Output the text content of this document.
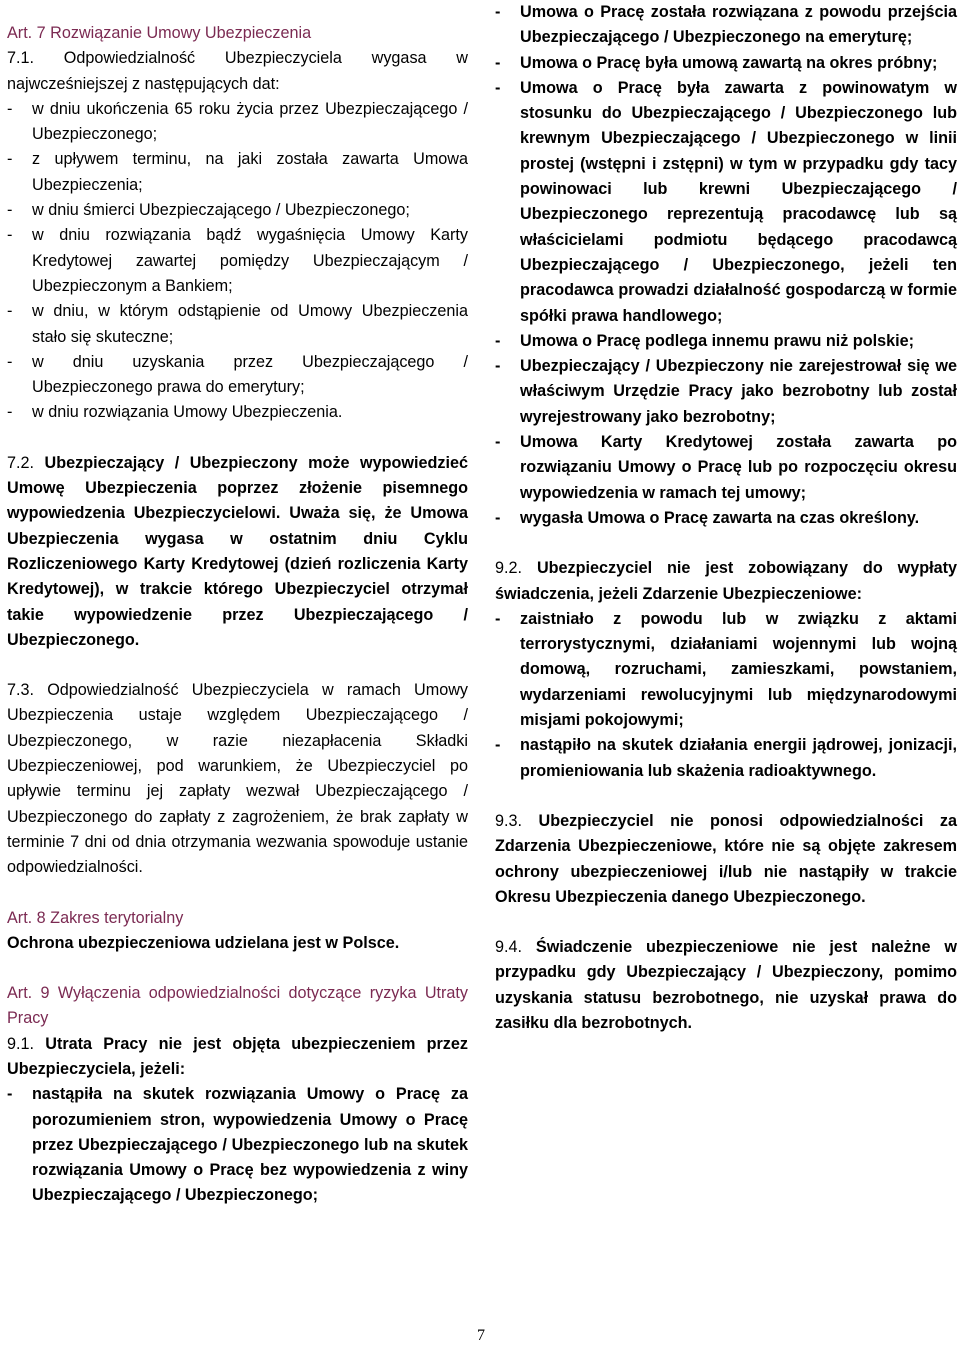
Art. 7 Rozwiązanie Umowy Ubezpieczenia

7.1. Odpowiedzialność Ubezpieczyciela wygasa w najwcześniejszej z następujących dat:

- w dniu ukończenia 65 roku życia przez Ubezpieczającego / Ubezpieczonego;
- z upływem terminu, na jaki została zawarta Umowa Ubezpieczenia;
- w dniu śmierci Ubezpieczającego / Ubezpieczonego;
- w dniu rozwiązania bądź wygaśnięcia Umowy Karty Kredytowej zawartej pomiędzy Ubezpieczającym / Ubezpieczonym a Bankiem;
- w dniu, w którym odstąpienie od Umowy Ubezpieczenia stało się skuteczne;
- w dniu uzyskania przez Ubezpieczającego / Ubezpieczonego prawa do emerytury;
- w dniu rozwiązania Umowy Ubezpieczenia.

7.2. Ubezpieczający / Ubezpieczony może wypowiedzieć Umowę Ubezpieczenia poprzez złożenie pisemnego wypowiedzenia Ubezpieczycielowi. Uważa się, że Umowa Ubezpieczenia wygasa w ostatnim dniu Cyklu Rozliczeniowego Karty Kredytowej (dzień rozliczenia Karty Kredytowej), w trakcie którego Ubezpieczyciel otrzymał takie wypowiedzenie przez Ubezpieczającego / Ubezpieczonego.

7.3. Odpowiedzialność Ubezpieczyciela w ramach Umowy Ubezpieczenia ustaje względem Ubezpieczającego / Ubezpieczonego, w razie niezapłacenia Składki Ubezpieczeniowej, pod warunkiem, że Ubezpieczyciel po upływie terminu jej zapłaty wezwał Ubezpieczającego / Ubezpieczonego do zapłaty z zagrożeniem, że brak zapłaty w terminie 7 dni od dnia otrzymania wezwania spowoduje ustanie odpowiedzialności.

Art. 8 Zakres terytorialny

Ochrona ubezpieczeniowa udzielana jest w Polsce.

Art. 9 Wyłączenia odpowiedzialności dotyczące ryzyka Utraty Pracy

9.1. Utrata Pracy nie jest objęta ubezpieczeniem przez Ubezpieczyciela, jeżeli:

- nastąpiła na skutek rozwiązania Umowy o Pracę za porozumieniem stron, wypowiedzenia Umowy o Pracę przez Ubezpieczającego / Ubezpieczonego lub na skutek rozwiązania Umowy o Pracę bez wypowiedzenia z winy Ubezpieczającego / Ubezpieczonego;
- Umowa o Pracę została rozwiązana z powodu przejścia Ubezpieczającego / Ubezpieczonego na emeryturę;
- Umowa o Pracę była umową zawartą na okres próbny;
- Umowa o Pracę była zawarta z powinowatym w stosunku do Ubezpieczającego / Ubezpieczonego lub krewnym Ubezpieczającego / Ubezpieczonego w linii prostej (wstępni i zstępni) w tym w przypadku gdy tacy powinowaci lub krewni Ubezpieczającego / Ubezpieczonego reprezentują pracodawcę lub są właścicielami podmiotu będącego pracodawcą Ubezpieczającego / Ubezpieczonego, jeżeli ten pracodawca prowadzi działalność gospodarczą w formie spółki prawa handlowego;
- Umowa o Pracę podlega innemu prawu niż polskie;
- Ubezpieczający / Ubezpieczony nie zarejestrował się we właściwym Urzędzie Pracy jako bezrobotny lub został wyrejestrowany jako bezrobotny;
- Umowa Karty Kredytowej została zawarta po rozwiązaniu Umowy o Pracę lub po rozpoczęciu okresu wypowiedzenia w ramach tej umowy;
- wygasła Umowa o Pracę zawarta na czas określony.

9.2. Ubezpieczyciel nie jest zobowiązany do wypłaty świadczenia, jeżeli Zdarzenie Ubezpieczeniowe:

- zaistniało z powodu lub w związku z aktami terrorystycznymi, działaniami wojennymi lub wojną domową, rozruchami, zamieszkami, powstaniem, wydarzeniami rewolucyjnymi lub międzynarodowymi misjami pokojowymi;
- nastąpiło na skutek działania energii jądrowej, jonizacji, promieniowania lub skażenia radioaktywnego.

9.3. Ubezpieczyciel nie ponosi odpowiedzialności za Zdarzenia Ubezpieczeniowe, które nie są objęte zakresem ochrony ubezpieczeniowej i/lub nie nastąpiły w trakcie Okresu Ubezpieczenia danego Ubezpieczonego.

9.4. Świadczenie ubezpieczeniowe nie jest należne w przypadku gdy Ubezpieczający / Ubezpieczony, pomimo uzyskania statusu bezrobotnego, nie uzyskał prawa do zasiłku dla bezrobotnych.

7
